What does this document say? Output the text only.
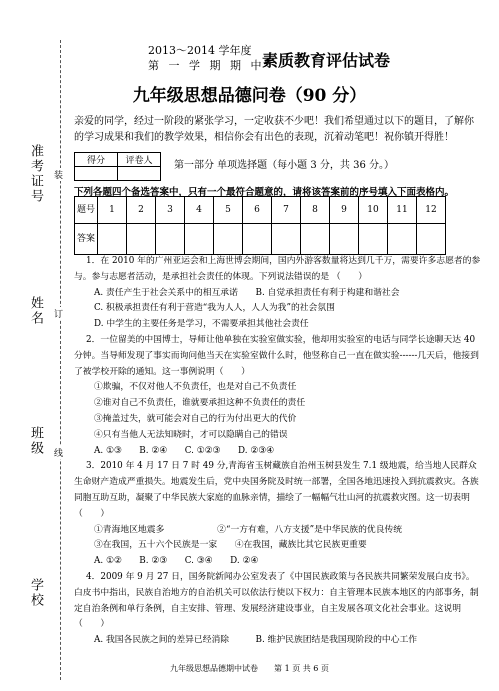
准考证号
姓名
班级
学校
装
订
线
2013～2014 学年度
第 一 学 期 期 中
素质教育评估试卷
九年级思想品德问卷（90 分）
亲爱的同学，经过一阶段的紧张学习，一定收获不少吧！我们希望通过以下的题目，了解你的学习成果和我们的教学效果，相信你会有出色的表现，沉着动笔吧！祝你镇开得胜！
得分	评卷人
	第一部分 单项选择题（每小题 3 分，共 36 分。）
下列各题四个备选答案中，只有一个最符合题意的，请将该答案前的序号填入下面表格内。
题号	1	2	3	4	5	6	7	8	9	10	11	12
答案												

1．在 2010 年的广州亚运会和上海世博会期间，国内外游客数量将达到几千万，需要许多志愿者的参与。参与志愿者活动，是承担社会责任的体现。下列说法错误的是 （　　）

A. 责任产生于社会关系中的相互承诺　　B. 自觉承担责任有利于构建和谐社会

C. 积极承担责任有利于营造“我为人人，人人为我”的社会氛围

D. 中学生的主要任务是学习，不需要承担其他社会责任

2．一位留美的中国博士，导师让他单独在实验室做实验，他却用实验室的电话与同学长途聊天达 40 分钟。当导师发现了事实而询问他当天在实验室做什么时，他竖称自己一直在做实验------几天后，他接到了被学校开除的通知。这一事例说明（　　）

①欺骗，不仅对他人不负责任，也是对自己不负责任

②谁对自己不负责任，谁就要承担这种不负责任的责任

③掩盖过失，就可能会对自己的行为付出更大的代价

④只有当他人无法知晓时，才可以隐瞒自己的错误

A. ①③　　B. ②④　　C. ①②③　　D. ②③④

3．2010 年 4 月 17 日 7 时 49 分,青海省玉树藏族自治州玉树县发生 7.1 级地震，给当地人民群众生命财产造成严重损失。地震发生后，党中央国务院及时统一部署，全国各地迅速投入到抗震救灾。各族同胞互助互助，凝聚了中华民族大家庭的血脉亲情，描绘了一幅幅气壮山河的抗震救灾图。这一切表明（　　）

①青海地区地震多　　　　　　②“一方有难，八方支援”是中华民族的优良传统

③在我国，五十六个民族是一家　　④在我国，藏族比其它民族更重要

A. ①②　　B. ②③　　C. ③④　　D. ②④

4．2009 年 9 月 27 日，国务院新闻办公室发表了《中国民族政策与各民族共同繁荣发展白皮书》。白皮书中指出，民族自治地方的自治机关可以依法行使以下权力：自主管理本民族本地区的内部事务，制定自治条例和单行条例，自主安排、管理、发展经济建设事业，自主发展各项文化社会事业。这说明（　　）

A. 我国各民族之间的差异已经消除　　　B. 维护民族团结是我国现阶段的中心工作

九年级思想品德期中试卷　　第 1 页 共 6 页
